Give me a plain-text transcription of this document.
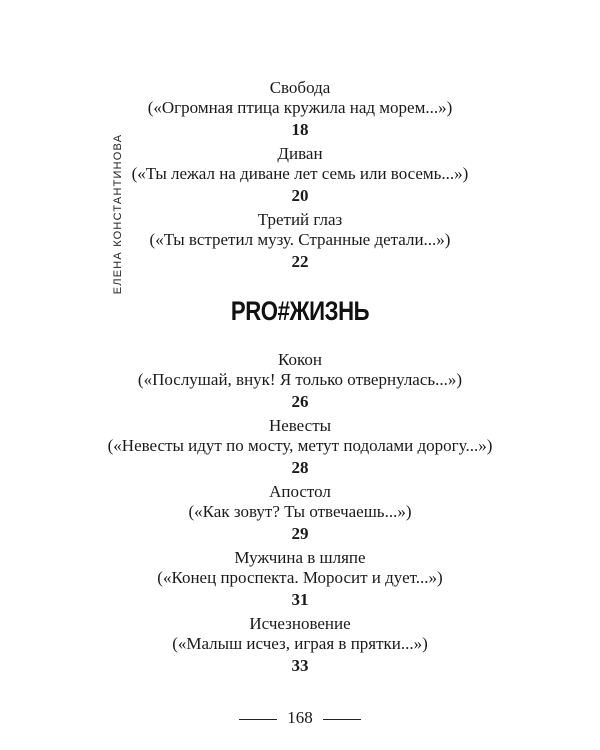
ЕЛЕНА КОНСТАНТИНОВА
Свобода
(«Огромная птица кружила над морем...»)
18
Диван
(«Ты лежал на диване лет семь или восемь...»)
20
Третий глаз
(«Ты встретил музу. Странные детали...»)
22
PRO#ЖИЗНЬ
Кокон
(«Послушай, внук! Я только отвернулась...»)
26
Невесты
(«Невесты идут по мосту, метут подолами дорогу...»)
28
Апостол
(«Как зовут? Ты отвечаешь...»)
29
Мужчина в шляпе
(«Конец проспекта. Моросит и дует...»)
31
Исчезновение
(«Малыш исчез, играя в прятки...»)
33
168
